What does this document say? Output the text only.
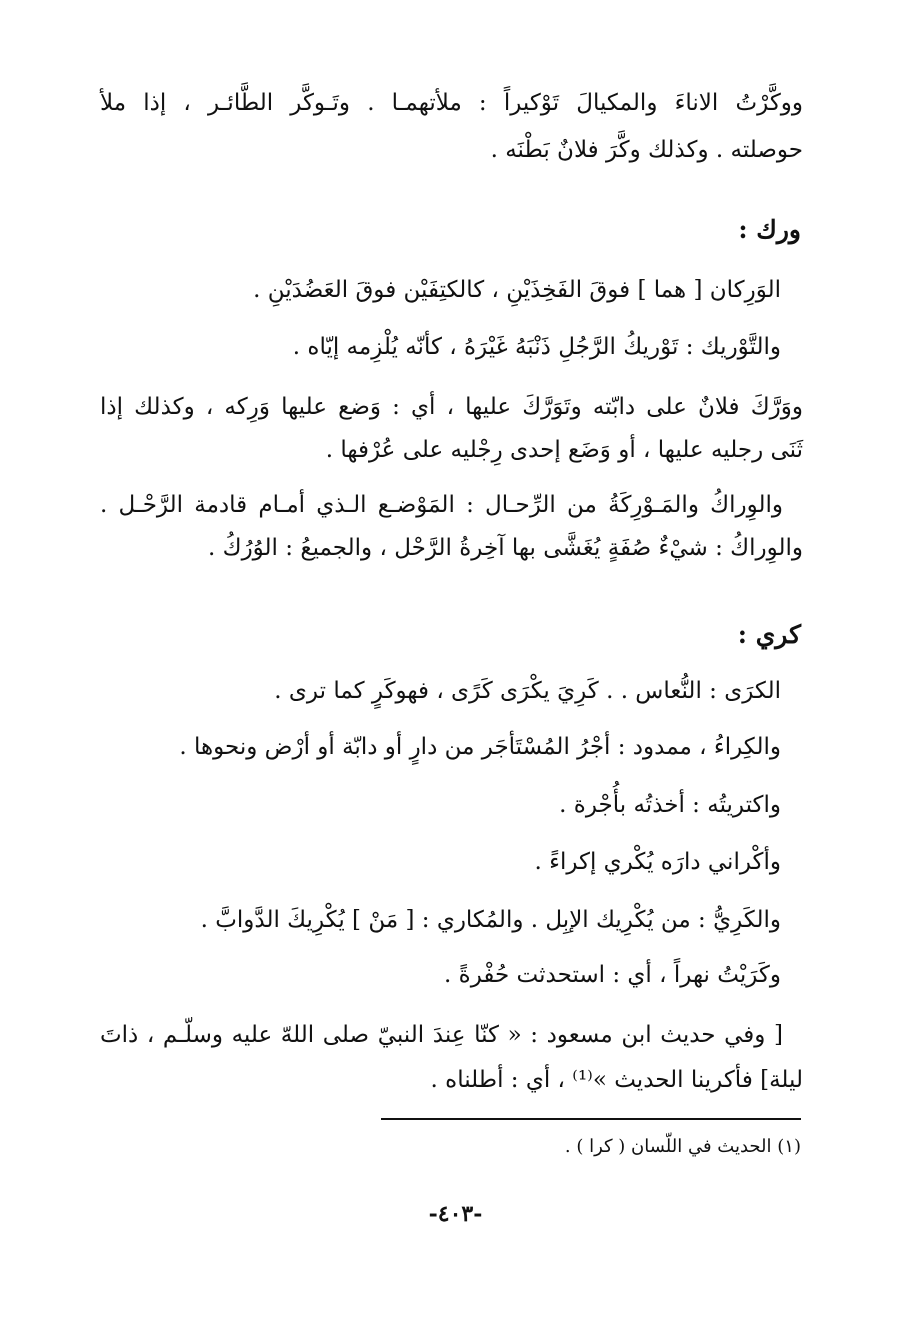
ووكَّرْتُ الاناءَ والمكيالَ تَوْكيراً : ملأتهمـا . وتَـوكَّر الطَّائـر ، إذا ملأ
حوصلته . وكذلك وكَّرَ فلانٌ بَطْنَه .
ورك :
الوَرِكان [ هما ] فوقَ الفَخِذَيْنِ ، كالكتِفَيْن فوقَ العَضُدَيْنِ .
والتَّوْريك : تَوْريكُ الرَّجُلِ ذَنْبَهُ غَيْرَهُ ، كأنّه يُلْزِمه إيّاه .
ووَرَّكَ فلانٌ على دابّته وتَوَرَّكَ عليها ، أي : وَضع عليها وَرِكه ، وكذلك إذا
ثَنَى رجليه عليها ، أو وَضَع إحدى رِجْليه على عُرْفها .
والوِراكُ والمَـوْرِكَةُ من الرِّحـال : المَوْضـع الـذي أمـام قادمة الرَّحْـل .
والوِراكُ : شيْءٌ صُفَةٍ يُغَشَّى بها آخِرةُ الرَّحْل ، والجميعُ : الوُرُكُ .
كري :
الكرَى : النُّعاس . . كَرِيَ يكْرَى كَرًى ، فهوكَرٍ كما ترى .
والكِراءُ ، ممدود : أجْرُ المُسْتَأجَر من دارٍ أو دابّة أو أرْض ونحوها .
واكتريتُه : أخذتُه بأُجْرة .
وأكْراني دارَه يُكْري إكراءً .
والكَرِيُّ : من يُكْرِيك الإبِل . والمُكاري : [ مَنْ ] يُكْرِيكَ الدَّوابَّ .
وكَرَيْتُ نهراً ، أي : استحدثت حُفْرةً .
[ وفي حديث ابن مسعود : « كنّا عِندَ النبيّ صلى اللهّ عليه وسلّـم ، ذاتَ
ليلة] فأكرينا الحديث »⁽¹⁾ ، أي : أطلناه .
(١) الحديث في اللّسان ( كرا ) .
-٤٠٣-
